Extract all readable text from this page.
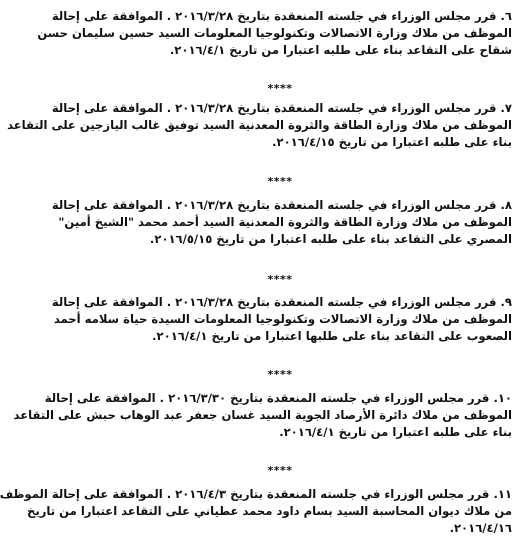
٦. قرر مجلس الوزراء في جلسته المنعقدة بتاريخ ٢٠١٦/٣/٢٨ . الموافقة على إحالة
الموظف من ملاك وزارة الاتصالات وتكنولوجيا المعلومات السيد حسين سليمان حسن
شقاح على التقاعد بناء على طلبه اعتبارا من تاريخ ٢٠١٦/٤/١.
****
٧. قرر مجلس الوزراء في جلسته المنعقدة بتاريخ ٢٠١٦/٣/٢٨ . الموافقة على إحالة
الموظف من ملاك وزارة الطاقة والثروة المعدنية السيد توفيق غالب اليازجين على التقاعد
بناء على طلبه اعتبارا من تاريخ ٢٠١٦/٤/١٥.
****
٨. قرر مجلس الوزراء في جلسته المنعقدة بتاريخ ٢٠١٦/٣/٢٨ . الموافقة على إحالة
الموظف من ملاك وزارة الطاقة والثروة المعدنية السيد أحمد محمد "الشيخ أمين"
المصري على التقاعد بناء على طلبه اعتبارا من تاريخ ٢٠١٦/٥/١٥.
****
٩. قرر مجلس الوزراء في جلسته المنعقدة بتاريخ ٢٠١٦/٣/٢٨ . الموافقة على إحالة
الموظف من ملاك وزارة الاتصالات وتكنولوجيا المعلومات السيدة حياة سلامه أحمد
الصعوب على التقاعد بناء على طلبها اعتبارا من تاريخ ٢٠١٦/٤/١.
****
١٠. قرر مجلس الوزراء في جلسته المنعقدة بتاريخ ٢٠١٦/٣/٣٠ . الموافقة على إحالة
الموظف من ملاك دائرة الأرصاد الجوية السيد غسان جعفر عبد الوهاب حبش على التقاعد
بناء على طلبه اعتبارا من تاريخ ٢٠١٦/٤/١.
****
١١. قرر مجلس الوزراء في جلسته المنعقدة بتاريخ ٢٠١٦/٤/٣ . الموافقة على إحالة الموظف
من ملاك ديوان المحاسبة السيد بسام داود محمد عطياني على التقاعد اعتبارا من تاريخ
٢٠١٦/٤/١٦.
